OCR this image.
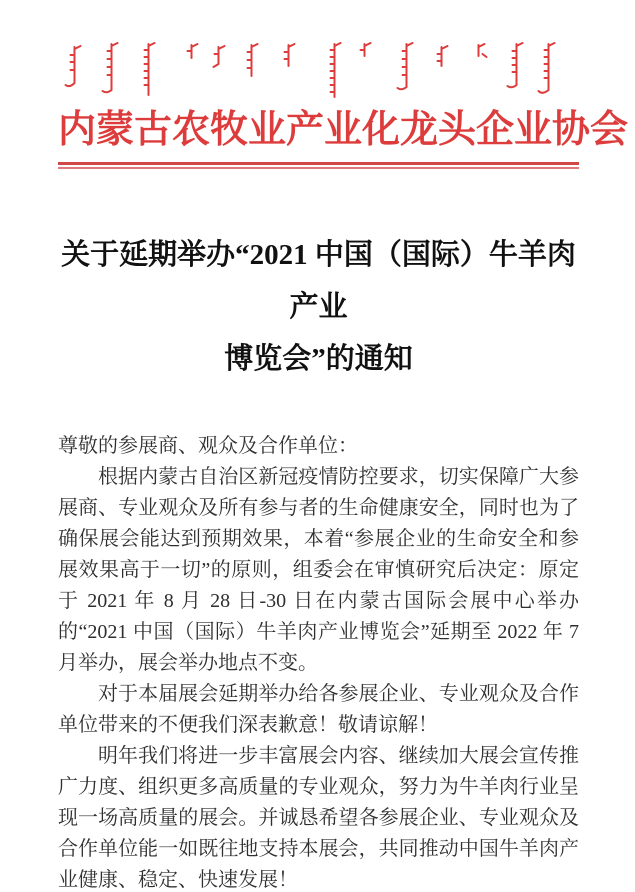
内蒙古农牧业产业化龙头企业协会
关于延期举办“2021 中国（国际）牛羊肉产业
博览会”的通知

尊敬的参展商、观众及合作单位：

根据内蒙古自治区新冠疫情防控要求，切实保障广大参展商、专业观众及所有参与者的生命健康安全，同时也为了确保展会能达到预期效果，本着“参展企业的生命安全和参展效果高于一切”的原则，组委会在审慎研究后决定：原定于 2021 年 8 月 28 日-30 日在内蒙古国际会展中心举办的“2021 中国（国际）牛羊肉产业博览会”延期至 2022 年 7 月举办，展会举办地点不变。

对于本届展会延期举办给各参展企业、专业观众及合作单位带来的不便我们深表歉意！敬请谅解！

明年我们将进一步丰富展会内容、继续加大展会宣传推广力度、组织更多高质量的专业观众，努力为牛羊肉行业呈现一场高质量的展会。并诚恳希望各参展企业、专业观众及合作单位能一如既往地支持本展会，共同推动中国牛羊肉产业健康、稳定、快速发展！
